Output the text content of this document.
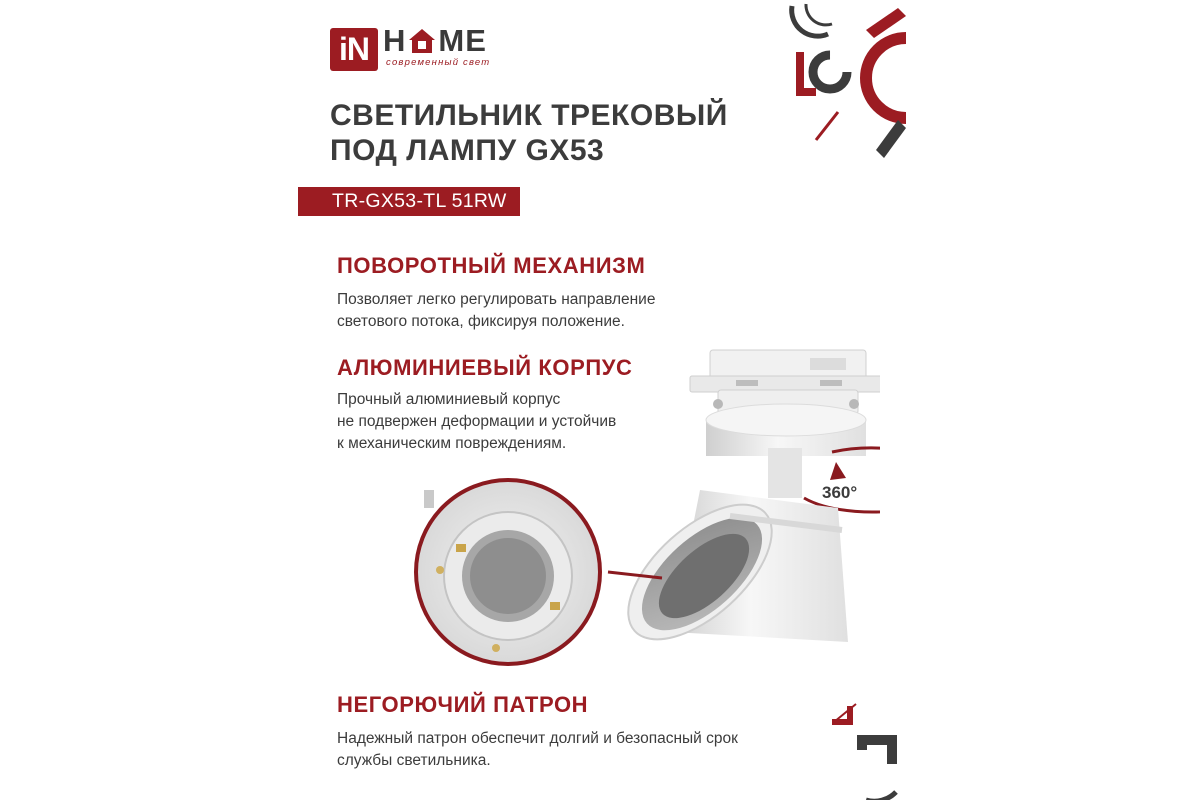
iN H ME
современный свет
СВЕТИЛЬНИК ТРЕКОВЫЙ
ПОД ЛАМПУ GX53
TR-GX53-TL 51RW
ПОВОРОТНЫЙ МЕХАНИЗМ
Позволяет легко регулировать направление
светового потока, фиксируя положение.
АЛЮМИНИЕВЫЙ КОРПУС
Прочный алюминиевый корпус
не подвержен деформации и устойчив
к механическим повреждениям.
360°
НЕГОРЮЧИЙ ПАТРОН
Надежный патрон обеспечит долгий и безопасный срок
службы светильника.
